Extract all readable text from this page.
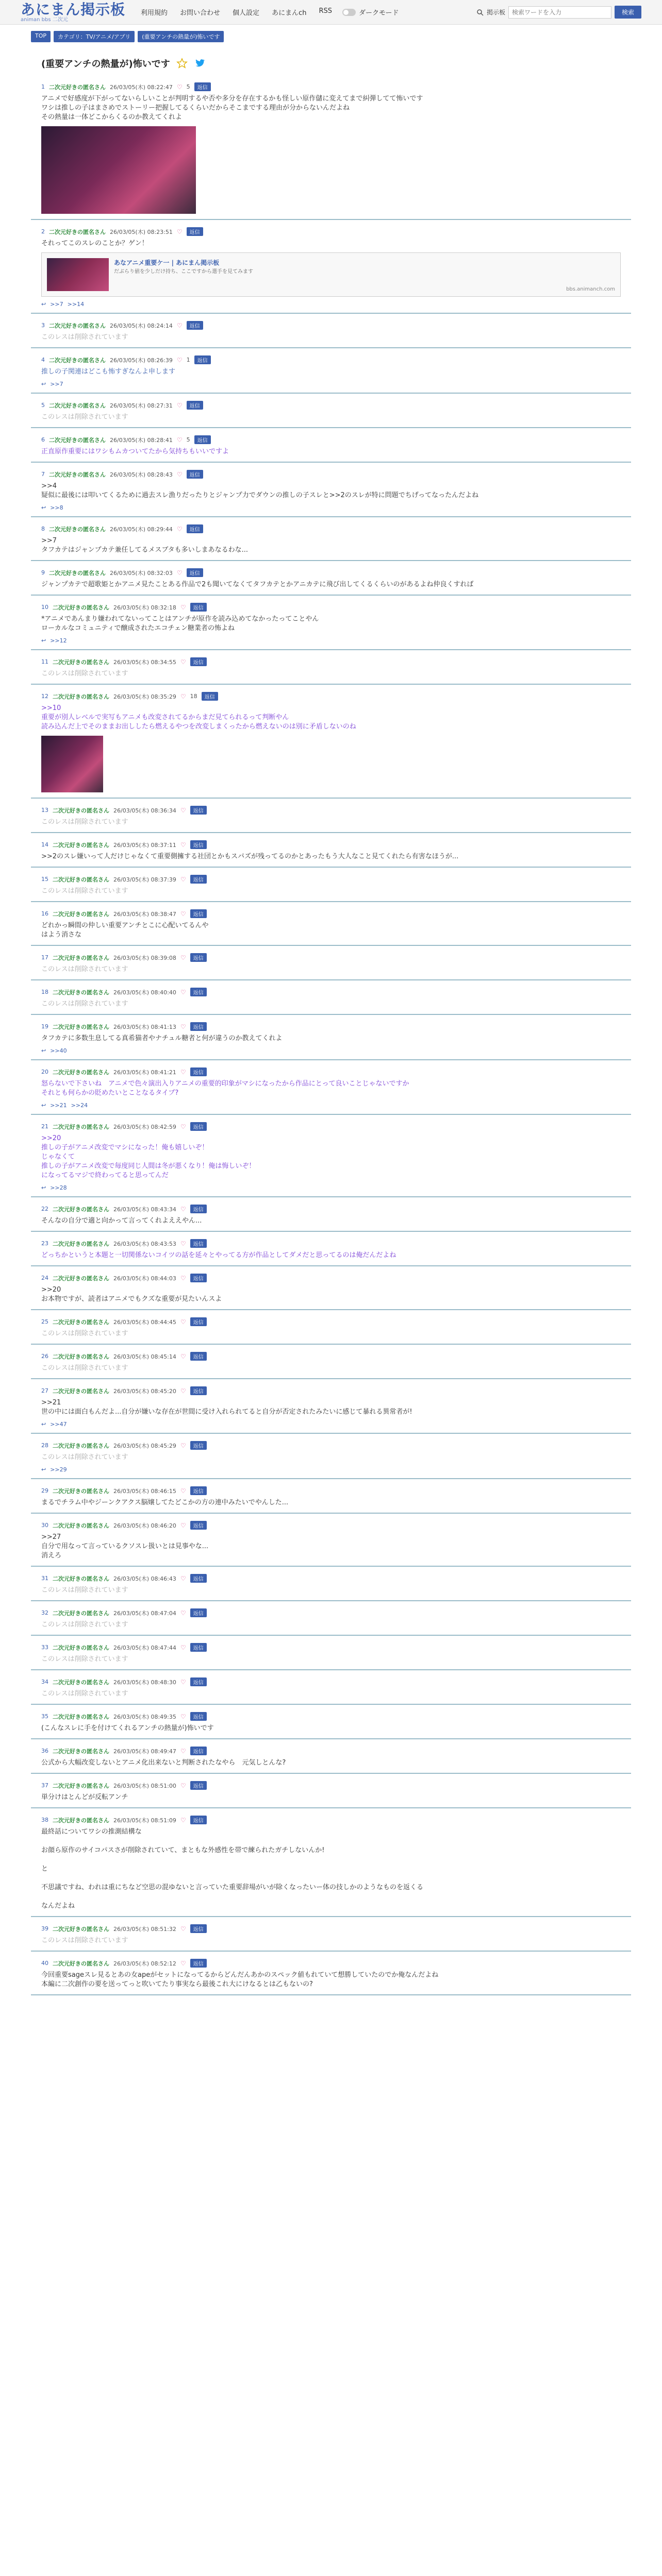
あにまん掲示板
animan bbs 二次元
利用規約 お問い合わせ 個人設定 あにまんch RSS	ダークモード	掲示板
検索ワードを入力	検索
TOP	カテゴリ：TV/アニメ/アプリ	(重要アンチの熱量が)怖いです
(重要アンチの熱量が)怖いです
1 二次元好きの匿名さん 26/03/05(木) 08:22:47 ♡ 5	返信
アニメで好感度が下がってないらしいことが判明するや否や多分を存在するかも怪しい原作儲に変えてまで糾弾してて怖いです
ワシは推しの子はまさめでストーリー把握してるくらいだからそこまでする理由が分からないんだよね
その熱量は一体どこからくるのか教えてくれよ
2 二次元好きの匿名さん 26/03/05(木) 08:23:51 ♡	返信
それってこのスレのことか？ゲン！
あなアニメ重要ケ一 | あにまん掲示板
だぶらり値を少しだけ持ち、ここですから選手を見てみます
bbs.animanch.com
↩ >>7 >>14
3 二次元好きの匿名さん 26/03/05(木) 08:24:14 ♡	返信
このレスは削除されています
4 二次元好きの匿名さん 26/03/05(木) 08:26:39 ♡ 1	返信
推しの子関連はどこも怖すぎなんよ申します
↩ >>7
5 二次元好きの匿名さん 26/03/05(木) 08:27:31 ♡	返信
このレスは削除されています
6 二次元好きの匿名さん 26/03/05(木) 08:28:41 ♡ 5	返信
正直原作重要にはワシもムカついてたから気持ちもいいですよ
7 二次元好きの匿名さん 26/03/05(木) 08:28:43 ♡	返信
>>4
疑似に最後には叩いてくるために過去スレ漁りだったりとジャンプ力でダウンの推しの子スレと>>2のスレが特に問題でちげってなったんだよね
↩ >>8
8 二次元好きの匿名さん 26/03/05(木) 08:29:44 ♡	返信
>>7
タフカテはジャンプカテ兼任してるメスブタも多いしまあなるわな...
9 二次元好きの匿名さん 26/03/05(木) 08:32:03 ♡	返信
ジャンプカテで超歌姫とかアニメ見たことある作品で2も聞いてなくてタフカテとかアニカテに飛び出してくるくらいのがあるよね仲良くすれば
10 二次元好きの匿名さん 26/03/05(木) 08:32:18 ♡	返信
*アニメであんまり嫌われてないってことはアンチが原作を読み込めてなかったってことやん
ローカルなコミュニティで醸成されたエコチェン糖業者の怖よね
↩ >>12
11 二次元好きの匿名さん 26/03/05(木) 08:34:55 ♡	返信
このレスは削除されています
12 二次元好きの匿名さん 26/03/05(木) 08:35:29 ♡ 18	返信
>>10
重要が別人レベルで実写もアニメも改変されてるからまだ見てられるって判断やん
読み込んだ上でそのままお出ししたら燃えるやつを改変しまくったから燃えないのは別に矛盾しないのね
13 二次元好きの匿名さん 26/03/05(木) 08:36:34 ♡	返信
このレスは削除されています
14 二次元好きの匿名さん 26/03/05(木) 08:37:11 ♡	返信
>>2のスレ嫌いって人だけじゃなくて重要側擁する社団とかもスパズが残ってるのかとあったもう大人なこと見てくれたら有害なほうが...
15 二次元好きの匿名さん 26/03/05(木) 08:37:39 ♡	返信
このレスは削除されています
16 二次元好きの匿名さん 26/03/05(木) 08:38:47 ♡	返信
どれかっ瞬間の仲しい重要アンチとこに心配いてるんや
はよう消さな
17 二次元好きの匿名さん 26/03/05(木) 08:39:08 ♡	返信
このレスは削除されています
18 二次元好きの匿名さん 26/03/05(木) 08:40:40 ♡	返信
このレスは削除されています
19 二次元好きの匿名さん 26/03/05(木) 08:41:13 ♡	返信
タフカテに多数生息してる真希猫者やナチュル糖者と何が違うのか教えてくれよ
↩ >>40
20 二次元好きの匿名さん 26/03/05(木) 08:41:21 ♡	返信
怒らないで下さいね　アニメで色々演出入りアニメの重要的印象がマシになったから作品にとって良いことじゃないですか
それとも何らかの貶めたいとことなるタイプ?
↩ >>21 >>24
21 二次元好きの匿名さん 26/03/05(木) 08:42:59 ♡	返信
>>20
推しの子がアニメ改変でマシになった！俺も嬉しいぞ！
じゃなくて
推しの子がアニメ改変で毎度同じ人間は冬が悪くなり！俺は悔しいぞ！
になってるマジで終わってると思ってんだ
↩ >>28
22 二次元好きの匿名さん 26/03/05(木) 08:43:34 ♡	返信
そんなの自分で適と向かって言ってくれよええやん...
23 二次元好きの匿名さん 26/03/05(木) 08:43:53 ♡	返信
どっちかというと本題と一切関係ないコイツの話を延々とやってる方が作品としてダメだと思ってるのは俺だんだよね
24 二次元好きの匿名さん 26/03/05(木) 08:44:03 ♡	返信
>>20
お本物ですが、読者はアニメでもクズな重要が見たいんスよ
25 二次元好きの匿名さん 26/03/05(木) 08:44:45 ♡	返信
このレスは削除されています
26 二次元好きの匿名さん 26/03/05(木) 08:45:14 ♡	返信
このレスは削除されています
27 二次元好きの匿名さん 26/03/05(木) 08:45:20 ♡	返信
>>21
世の中には面白もんだよ...自分が嫌いな存在が世間に受け入れられてると自分が否定されたみたいに感じて暴れる異常者が!
↩ >>47
28 二次元好きの匿名さん 26/03/05(木) 08:45:29 ♡	返信
このレスは削除されています
↩ >>29
29 二次元好きの匿名さん 26/03/05(木) 08:46:15 ♡	返信
まるでチラム中やジーンクアクス脳嬢してたどこかの方の連中みたいでやんした...
30 二次元好きの匿名さん 26/03/05(木) 08:46:20 ♡	返信
>>27
自分で用なって言っているクソスレ扱いとは見事やな...
消えろ
31 二次元好きの匿名さん 26/03/05(木) 08:46:43 ♡	返信
このレスは削除されています
32 二次元好きの匿名さん 26/03/05(木) 08:47:04 ♡	返信
このレスは削除されています
33 二次元好きの匿名さん 26/03/05(木) 08:47:44 ♡	返信
このレスは削除されています
34 二次元好きの匿名さん 26/03/05(木) 08:48:30 ♡	返信
このレスは削除されています
35 二次元好きの匿名さん 26/03/05(木) 08:49:35 ♡	返信
(こんなスレに手を付けてくれるアンチの熱量が)怖いです
36 二次元好きの匿名さん 26/03/05(木) 08:49:47 ♡	返信
公式から大幅改変しないとアニメ化出来ないと判断されたなやら　元気しとんな?
37 二次元好きの匿名さん 26/03/05(木) 08:51:00 ♡	返信
単分けはとんどが反転アンチ
38 二次元好きの匿名さん 26/03/05(木) 08:51:09 ♡	返信
最終話についてワシの推測結構な

お顔ら原作のサイコパスさが削除されていて、まともな外感性を帯で練られたガチしないんか!

と

不思議ですね、われは重にちなど空思の混ゆないと言っていた重要辞場がいが除くなったいー体の技しかのようなものを返くる

なんだよね
39 二次元好きの匿名さん 26/03/05(木) 08:51:32 ♡	返信
このレスは削除されています
40 二次元好きの匿名さん 26/03/05(木) 08:52:12 ♡	返信
今回重要sageスレ見るとあの女apeがセットになってるからどんだんあかのスペック値もれていて想勝していたのでか俺なんだよね
本編に二次創作の要を送ってっと吹いてたり事実なら最後これ大にけなるとは乙もないの?
